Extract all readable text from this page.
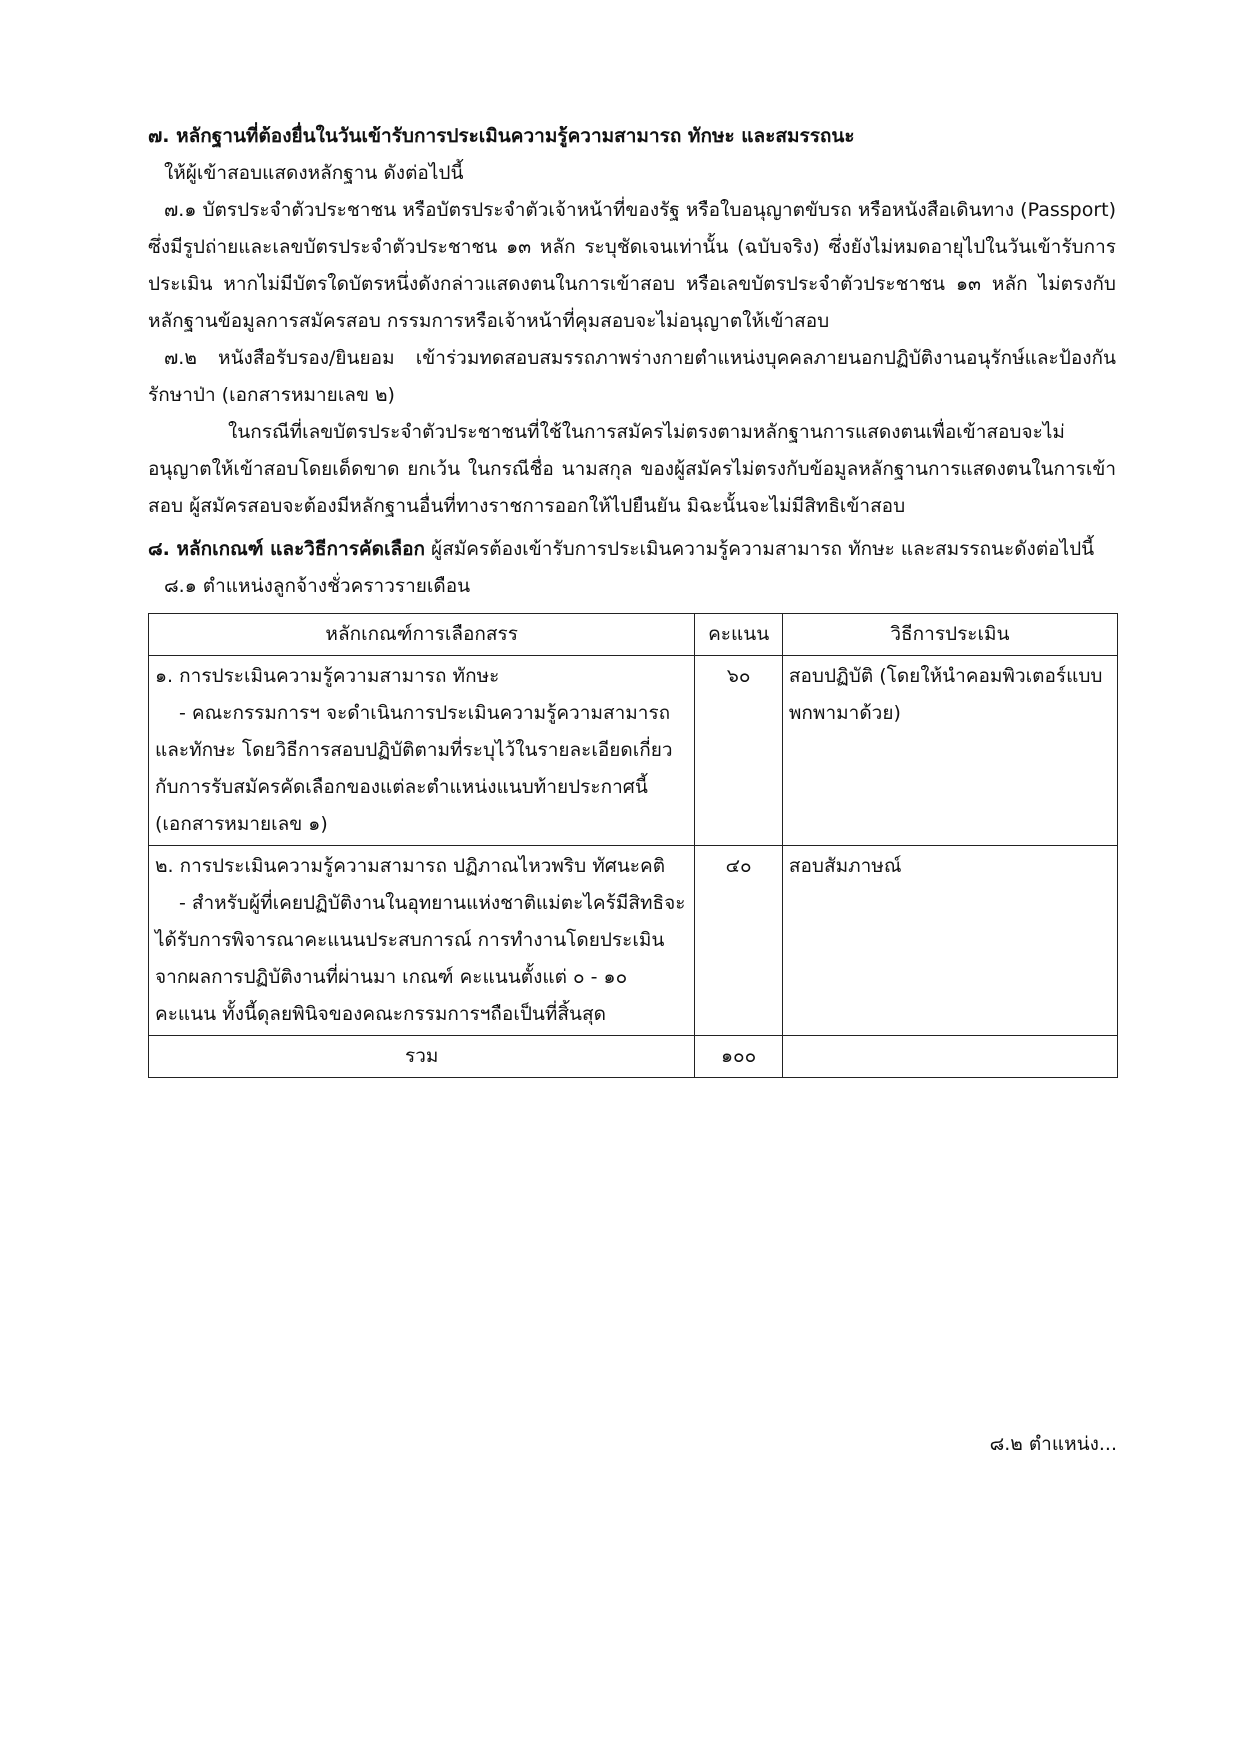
๗. หลักฐานที่ต้องยื่นในวันเข้ารับการประเมินความรู้ความสามารถ ทักษะ และสมรรถนะ

ให้ผู้เข้าสอบแสดงหลักฐาน ดังต่อไปนี้

๗.๑ บัตรประจำตัวประชาชน หรือบัตรประจำตัวเจ้าหน้าที่ของรัฐ หรือใบอนุญาตขับรถ หรือหนังสือเดินทาง (Passport) ซึ่งมีรูปถ่ายและเลขบัตรประจำตัวประชาชน ๑๓ หลัก ระบุชัดเจนเท่านั้น (ฉบับจริง) ซึ่งยังไม่หมดอายุไปในวันเข้ารับการประเมิน หากไม่มีบัตรใดบัตรหนึ่งดังกล่าวแสดงตนในการเข้าสอบ หรือเลขบัตรประจำตัวประชาชน ๑๓ หลัก ไม่ตรงกับหลักฐานข้อมูลการสมัครสอบ กรรมการหรือเจ้าหน้าที่คุมสอบจะไม่อนุญาตให้เข้าสอบ

๗.๒ หนังสือรับรอง/ยินยอม เข้าร่วมทดสอบสมรรถภาพร่างกายตำแหน่งบุคคลภายนอกปฏิบัติงานอนุรักษ์และป้องกันรักษาป่า (เอกสารหมายเลข ๒)

ในกรณีที่เลขบัตรประจำตัวประชาชนที่ใช้ในการสมัครไม่ตรงตามหลักฐานการแสดงตนเพื่อเข้าสอบจะไม่อนุญาตให้เข้าสอบโดยเด็ดขาด ยกเว้น ในกรณีชื่อ นามสกุล ของผู้สมัครไม่ตรงกับข้อมูลหลักฐานการแสดงตนในการเข้าสอบ ผู้สมัครสอบจะต้องมีหลักฐานอื่นที่ทางราชการออกให้ไปยืนยัน มิฉะนั้นจะไม่มีสิทธิเข้าสอบ

๘. หลักเกณฑ์ และวิธีการคัดเลือก ผู้สมัครต้องเข้ารับการประเมินความรู้ความสามารถ ทักษะ และสมรรถนะดังต่อไปนี้

๘.๑ ตำแหน่งลูกจ้างชั่วคราวรายเดือน

หลักเกณฑ์การเลือกสรร	คะแนน	วิธีการประเมิน
๑. การประเมินความรู้ความสามารถ ทักษะ
- คณะกรรมการฯ จะดำเนินการประเมินความรู้ความสามารถและทักษะ โดยวิธีการสอบปฏิบัติตามที่ระบุไว้ในรายละเอียดเกี่ยวกับการรับสมัครคัดเลือกของแต่ละตำแหน่งแนบท้ายประกาศนี้ (เอกสารหมายเลข ๑)	๖๐	สอบปฏิบัติ (โดยให้นำคอมพิวเตอร์แบบพกพามาด้วย)
๒. การประเมินความรู้ความสามารถ ปฏิภาณไหวพริบ ทัศนะคติ
- สำหรับผู้ที่เคยปฏิบัติงานในอุทยานแห่งชาติแม่ตะไคร้มีสิทธิจะได้รับการพิจารณาคะแนนประสบการณ์ การทำงานโดยประเมินจากผลการปฏิบัติงานที่ผ่านมา เกณฑ์ คะแนนตั้งแต่ ๐ - ๑๐ คะแนน ทั้งนี้ดุลยพินิจของคณะกรรมการฯถือเป็นที่สิ้นสุด	๔๐	สอบสัมภาษณ์
รวม	๑๐๐	
๘.๒ ตำแหน่ง...
